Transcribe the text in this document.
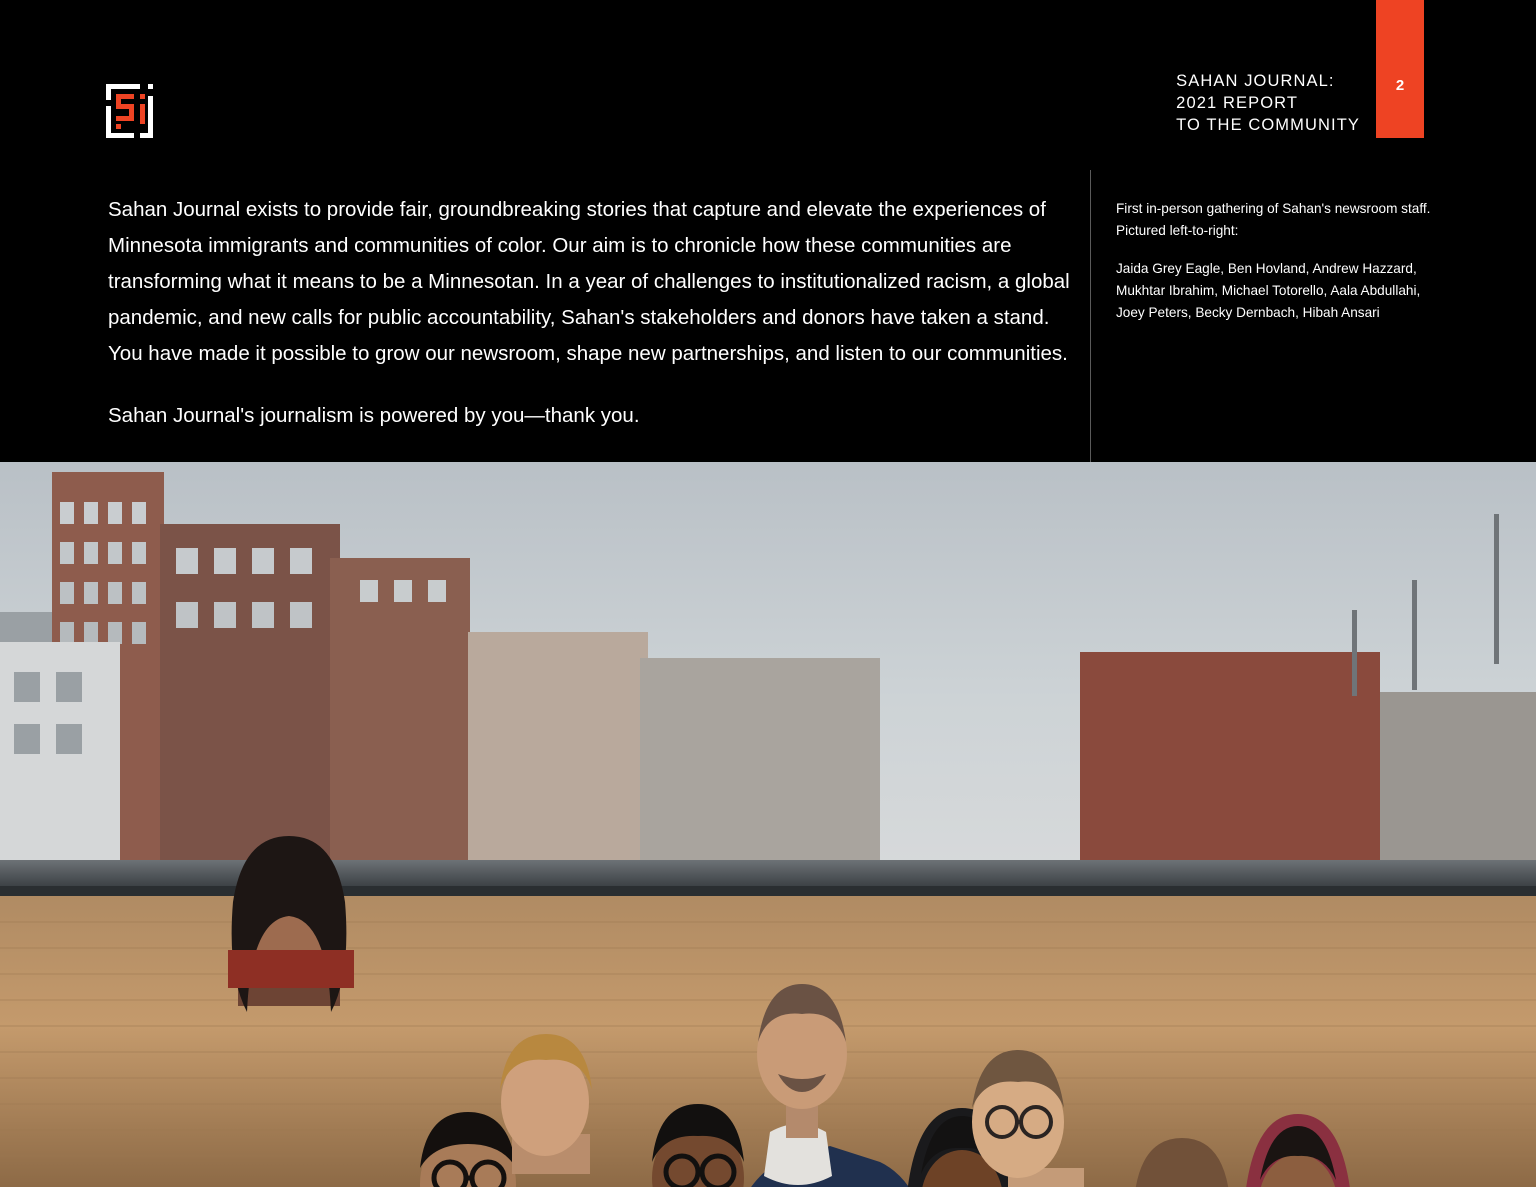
SAHAN JOURNAL:
2021 REPORT
TO THE COMMUNITY
2

Sahan Journal exists to provide fair, groundbreaking stories that capture and elevate the experiences of Minnesota immigrants and communities of color. Our aim is to chronicle how these communities are transforming what it means to be a Minnesotan. In a year of challenges to institutionalized racism, a global pandemic, and new calls for public accountability, Sahan's stakeholders and donors have taken a stand. You have made it possible to grow our newsroom, shape new partnerships, and listen to our communities.

Sahan Journal's journalism is powered by you—thank you.

First in-person gathering of Sahan's newsroom staff. Pictured left-to-right:

Jaida Grey Eagle, Ben Hovland, Andrew Hazzard, Mukhtar Ibrahim, Michael Totorello, Aala Abdullahi, Joey Peters, Becky Dernbach, Hibah Ansari
